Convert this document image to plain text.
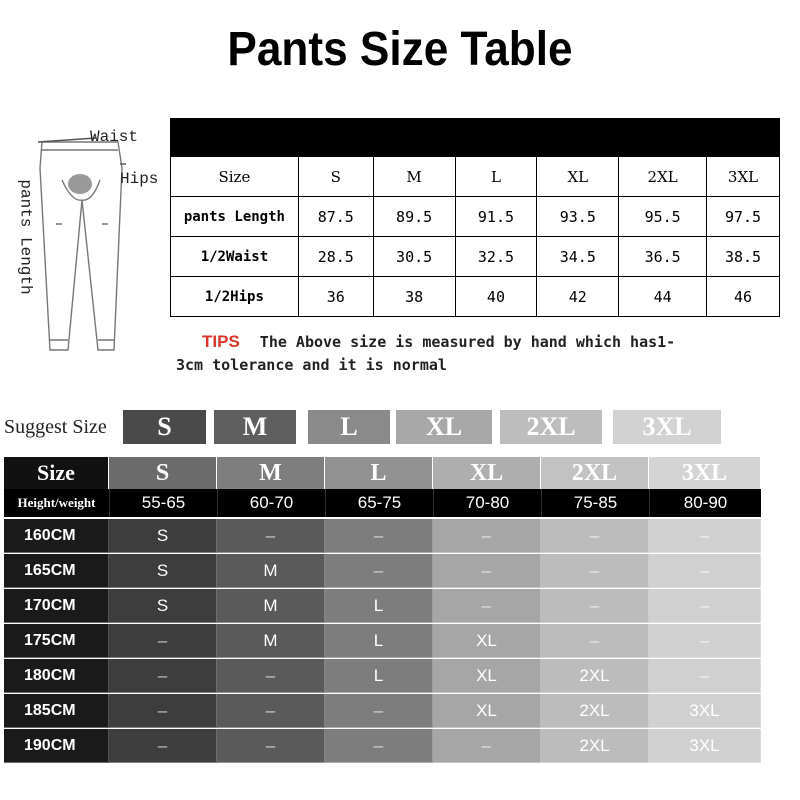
Pants Size Table
Waist
Hips
pants Length

Size	S	M	L	XL	2XL	3XL
pants Length	87.5	89.5	91.5	93.5	95.5	97.5
1/2Waist	28.5	30.5	32.5	34.5	36.5	38.5
1/2Hips	36	38	40	42	44	46
TIPS The Above size is measured by hand which has1-
3cm tolerance and it is normal
Suggest Size	S	M	L	XL	2XL	3XL
Size	S	M	L	XL	2XL	3XL
Height/weight	55-65	60-70	65-75	70-80	75-85	80-90
160CM	S	–	–	–	–	–
165CM	S	M	–	–	–	–
170CM	S	M	L	–	–	–
175CM	–	M	L	XL	–	–
180CM	–	–	L	XL	2XL	–
185CM	–	–	–	XL	2XL	3XL
190CM	–	–	–	–	2XL	3XL
